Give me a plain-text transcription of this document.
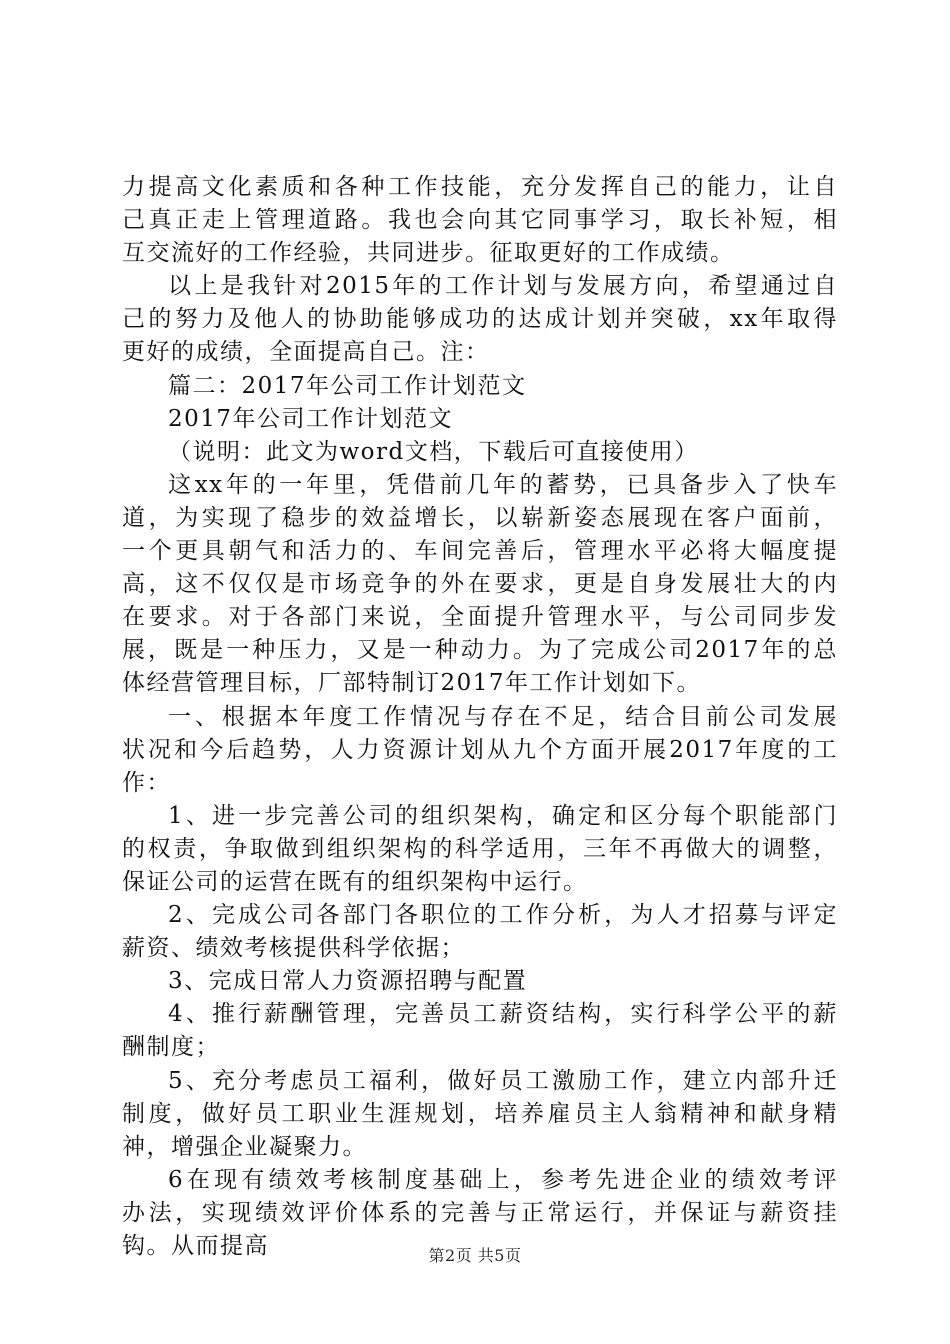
力提高文化素质和各种工作技能，充分发挥自己的能力，让自
己真正走上管理道路。我也会向其它同事学习，取长补短，相
互交流好的工作经验，共同进步。征取更好的工作成绩。
以上是我针对2015年的工作计划与发展方向，希望通过自
己的努力及他人的协助能够成功的达成计划并突破，xx年取得
更好的成绩，全面提高自己。注：
篇二：2017年公司工作计划范文
2017年公司工作计划范文
（说明：此文为word文档，下载后可直接使用）
这xx年的一年里，凭借前几年的蓄势，已具备步入了快车
道，为实现了稳步的效益增长，以崭新姿态展现在客户面前，
一个更具朝气和活力的、车间完善后，管理水平必将大幅度提
高，这不仅仅是市场竞争的外在要求，更是自身发展壮大的内
在要求。对于各部门来说，全面提升管理水平，与公司同步发
展，既是一种压力，又是一种动力。为了完成公司2017年的总
体经营管理目标，厂部特制订2017年工作计划如下。
一、根据本年度工作情况与存在不足，结合目前公司发展
状况和今后趋势，人力资源计划从九个方面开展2017年度的工
作：
1、进一步完善公司的组织架构，确定和区分每个职能部门
的权责，争取做到组织架构的科学适用，三年不再做大的调整，
保证公司的运营在既有的组织架构中运行。
2、完成公司各部门各职位的工作分析，为人才招募与评定
薪资、绩效考核提供科学依据；
3、完成日常人力资源招聘与配置
4、推行薪酬管理，完善员工薪资结构，实行科学公平的薪
酬制度；
5、充分考虑员工福利，做好员工激励工作，建立内部升迁
制度，做好员工职业生涯规划，培养雇员主人翁精神和献身精
神，增强企业凝聚力。
6在现有绩效考核制度基础上，参考先进企业的绩效考评
办法，实现绩效评价体系的完善与正常运行，并保证与薪资挂
钩。从而提高	第2页 共5页
